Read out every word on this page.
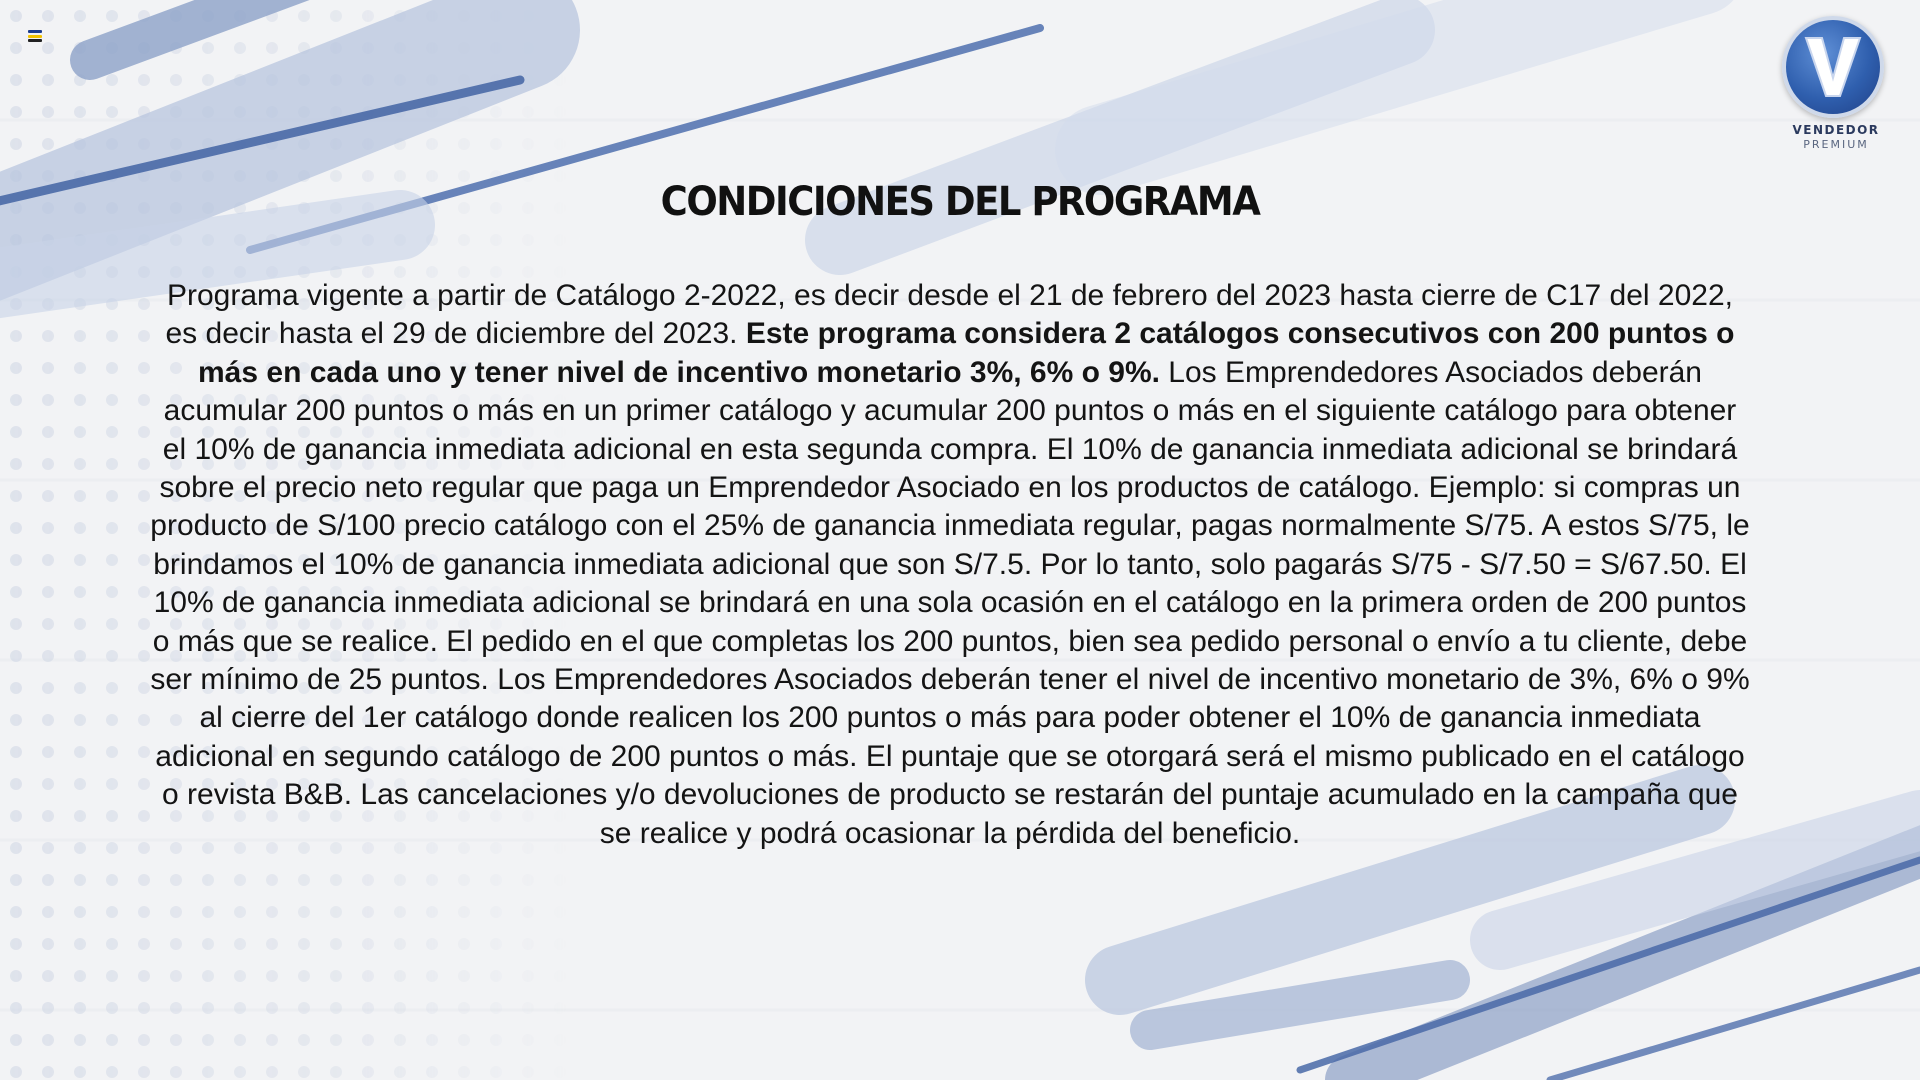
VENDEDOR
PREMIUM
CONDICIONES DEL PROGRAMA
Programa vigente a partir de Catálogo 2-2022, es decir desde el 21 de febrero del 2023 hasta cierre de C17 del 2022, es decir hasta el 29 de diciembre del 2023. Este programa considera 2 catálogos consecutivos con 200 puntos o más en cada uno y tener nivel de incentivo monetario 3%, 6% o 9%. Los Emprendedores Asociados deberán acumular 200 puntos o más en un primer catálogo y acumular 200 puntos o más en el siguiente catálogo para obtener el 10% de ganancia inmediata adicional en esta segunda compra. El 10% de ganancia inmediata adicional se brindará sobre el precio neto regular que paga un Emprendedor Asociado en los productos de catálogo. Ejemplo: si compras un producto de S/100 precio catálogo con el 25% de ganancia inmediata regular, pagas normalmente S/75. A estos S/75, le brindamos el 10% de ganancia inmediata adicional que son S/7.5. Por lo tanto, solo pagarás S/75 - S/7.50 = S/67.50. El 10% de ganancia inmediata adicional se brindará en una sola ocasión en el catálogo en la primera orden de 200 puntos o más que se realice. El pedido en el que completas los 200 puntos, bien sea pedido personal o envío a tu cliente, debe ser mínimo de 25 puntos. Los Emprendedores Asociados deberán tener el nivel de incentivo monetario de 3%, 6% o 9% al cierre del 1er catálogo donde realicen los 200 puntos o más para poder obtener el 10% de ganancia inmediata adicional en segundo catálogo de 200 puntos o más. El puntaje que se otorgará será el mismo publicado en el catálogo o revista B&B. Las cancelaciones y/o devoluciones de producto se restarán del puntaje acumulado en la campaña que se realice y podrá ocasionar la pérdida del beneficio.
